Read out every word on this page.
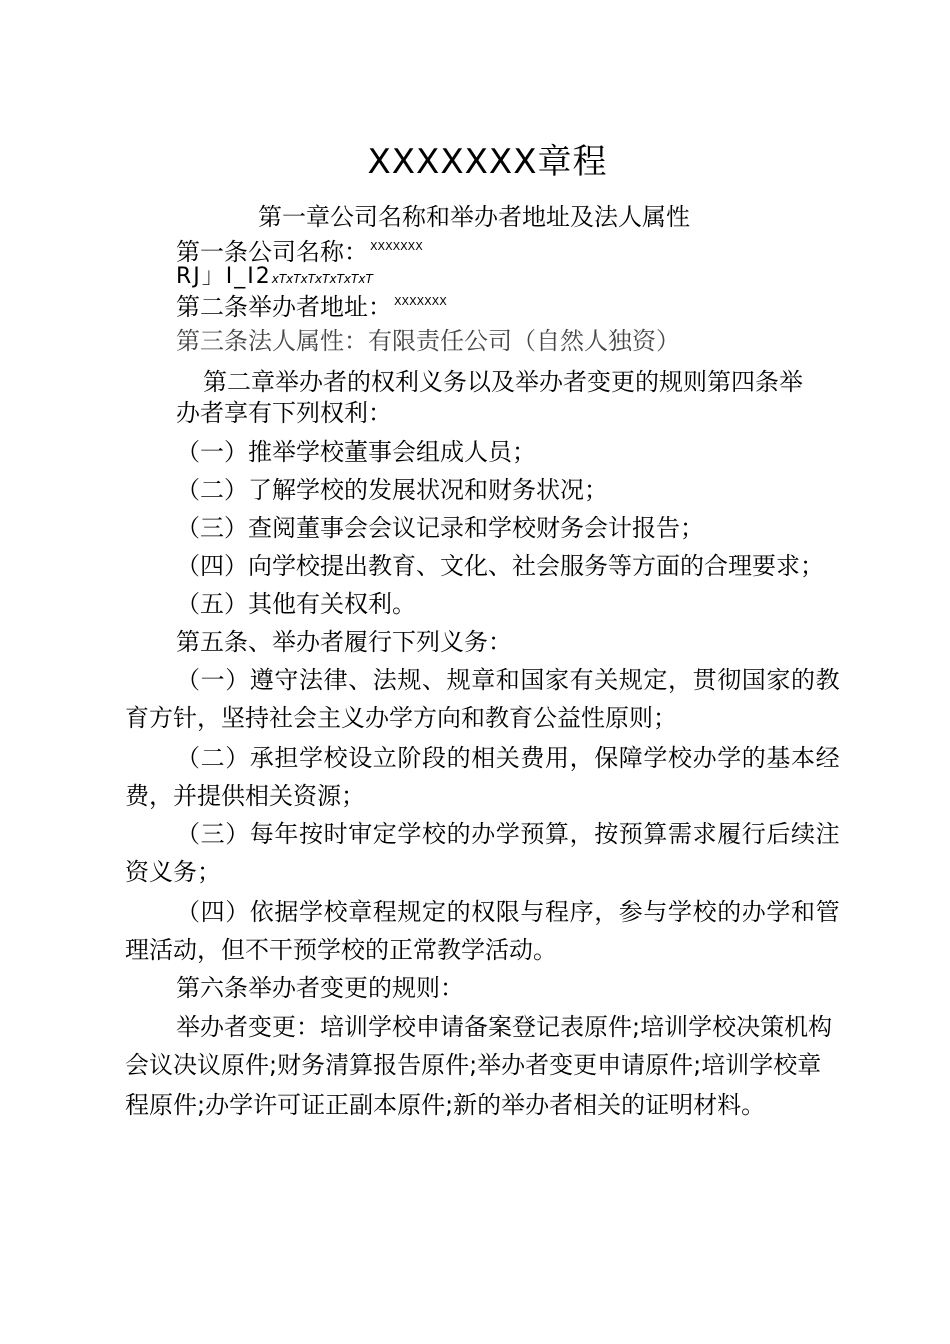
XXXXXXX章程
第一章公司名称和举办者地址及法人属性
第一条公司名称： $^{XXXXXXX}$
RJ」I_I2xTxTxTxTxTxTxT
第二条举办者地址： $^{XXXXXXX}$
第三条法人属性：有限责任公司（自然人独资）
第二章举办者的权利义务以及举办者变更的规则第四条举
办者享有下列权利：
（一）推举学校董事会组成人员；
（二）了解学校的发展状况和财务状况；
（三）查阅董事会会议记录和学校财务会计报告；
（四）向学校提出教育、文化、社会服务等方面的合理要求；
（五）其他有关权利。
第五条、举办者履行下列义务：
（一）遵守法律、法规、规章和国家有关规定，贯彻国家的教
育方针，坚持社会主义办学方向和教育公益性原则；
（二）承担学校设立阶段的相关费用，保障学校办学的基本经
费，并提供相关资源；
（三）每年按时审定学校的办学预算，按预算需求履行后续注
资义务；
（四）依据学校章程规定的权限与程序，参与学校的办学和管
理活动，但不干预学校的正常教学活动。
第六条举办者变更的规则：
举办者变更：培训学校申请备案登记表原件;培训学校决策机构
会议决议原件;财务清算报告原件;举办者变更申请原件;培训学校章
程原件;办学许可证正副本原件;新的举办者相关的证明材料。
